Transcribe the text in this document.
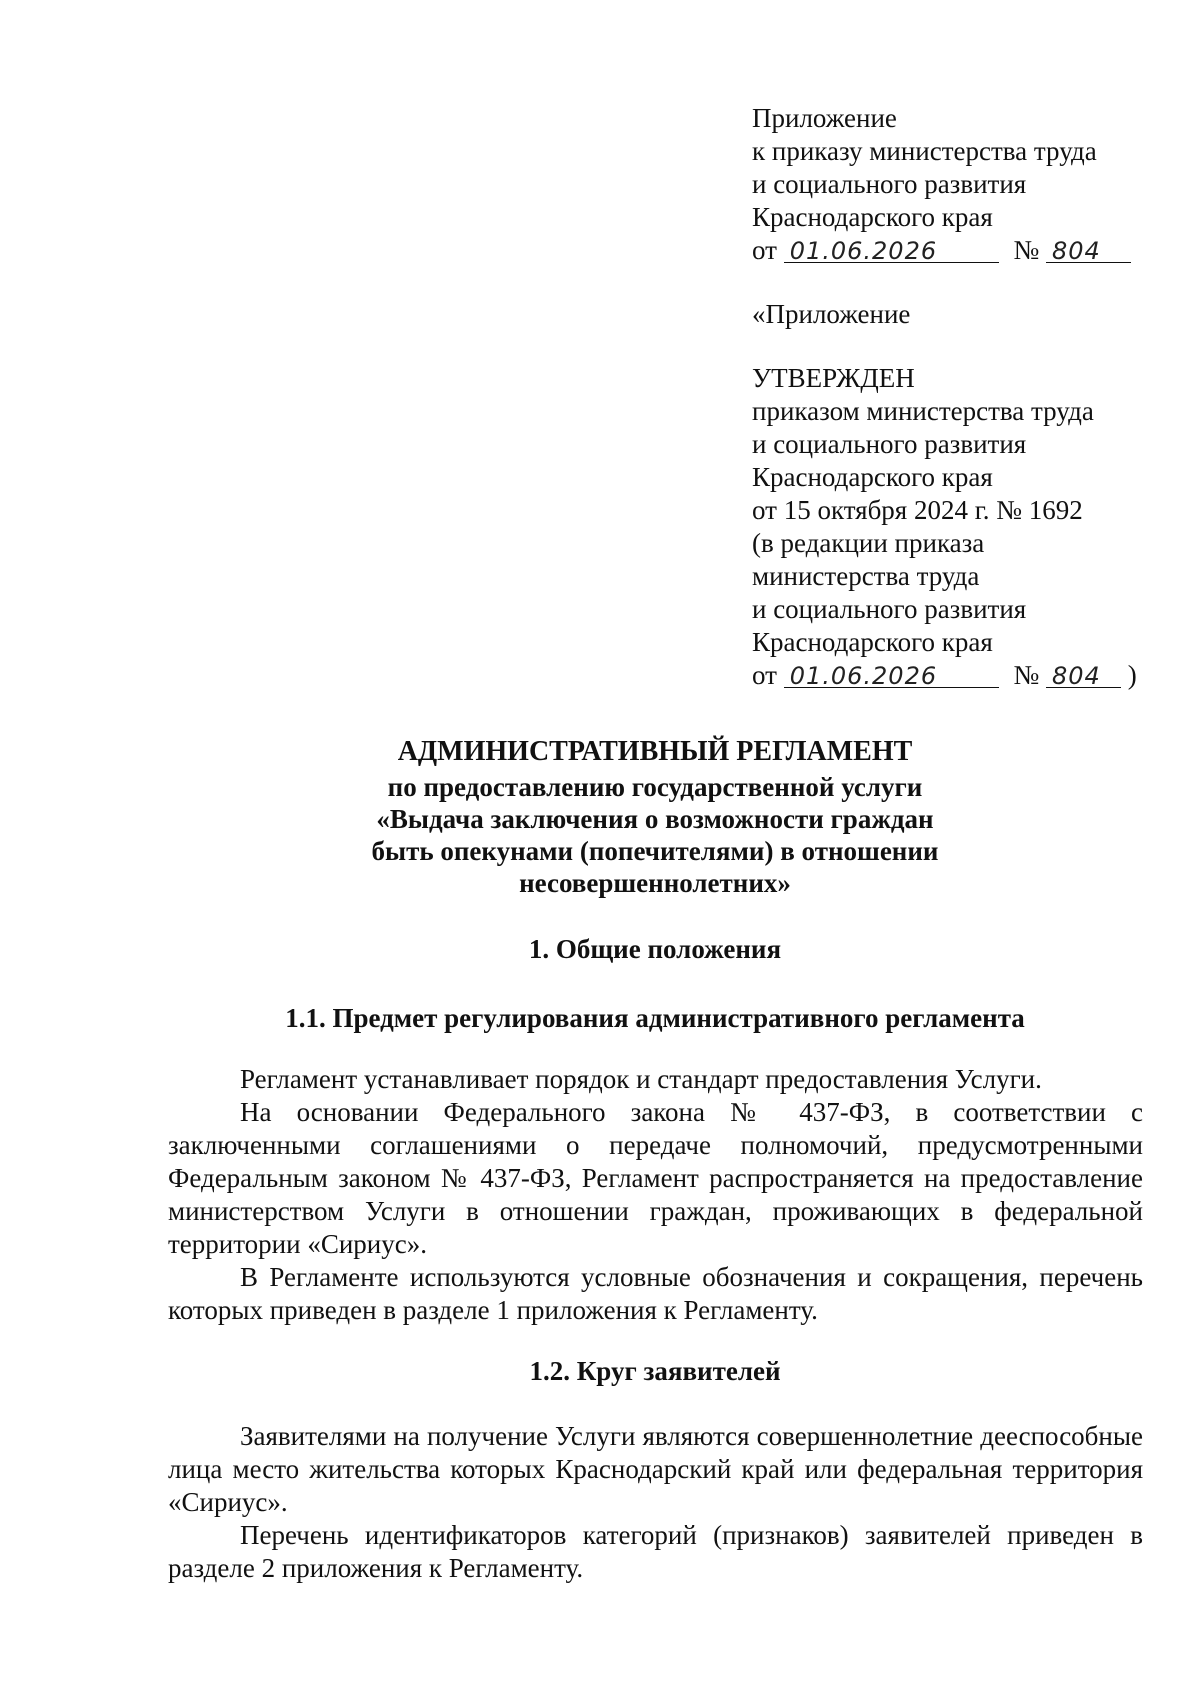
Приложение
к приказу министерства труда
и социального развития
Краснодарского края
от 01.06.2026	№ 804
«Приложение
УТВЕРЖДЕН
приказом министерства труда
и социального развития
Краснодарского края
от 15 октября 2024 г. № 1692
(в редакции приказа
министерства труда
и социального развития
Краснодарского края
от 01.06.2026	№ 804 )
АДМИНИСТРАТИВНЫЙ РЕГЛАМЕНТ
по предоставлению государственной услуги
«Выдача заключения о возможности граждан
быть опекунами (попечителями) в отношении
несовершеннолетних»
1. Общие положения
1.1. Предмет регулирования административного регламента
Регламент устанавливает порядок и стандарт предоставления Услуги.
На основании Федерального закона № 437-ФЗ, в соответствии с заключенными соглашениями о передаче полномочий, предусмотренными Федеральным законом № 437-ФЗ, Регламент распространяется на предоставление министерством Услуги в отношении граждан, проживающих в федеральной территории «Сириус».
В Регламенте используются условные обозначения и сокращения, перечень которых приведен в разделе 1 приложения к Регламенту.
1.2. Круг заявителей
Заявителями на получение Услуги являются совершеннолетние дееспособные лица место жительства которых Краснодарский край или федеральная территория «Сириус».
Перечень идентификаторов категорий (признаков) заявителей приведен в разделе 2 приложения к Регламенту.
